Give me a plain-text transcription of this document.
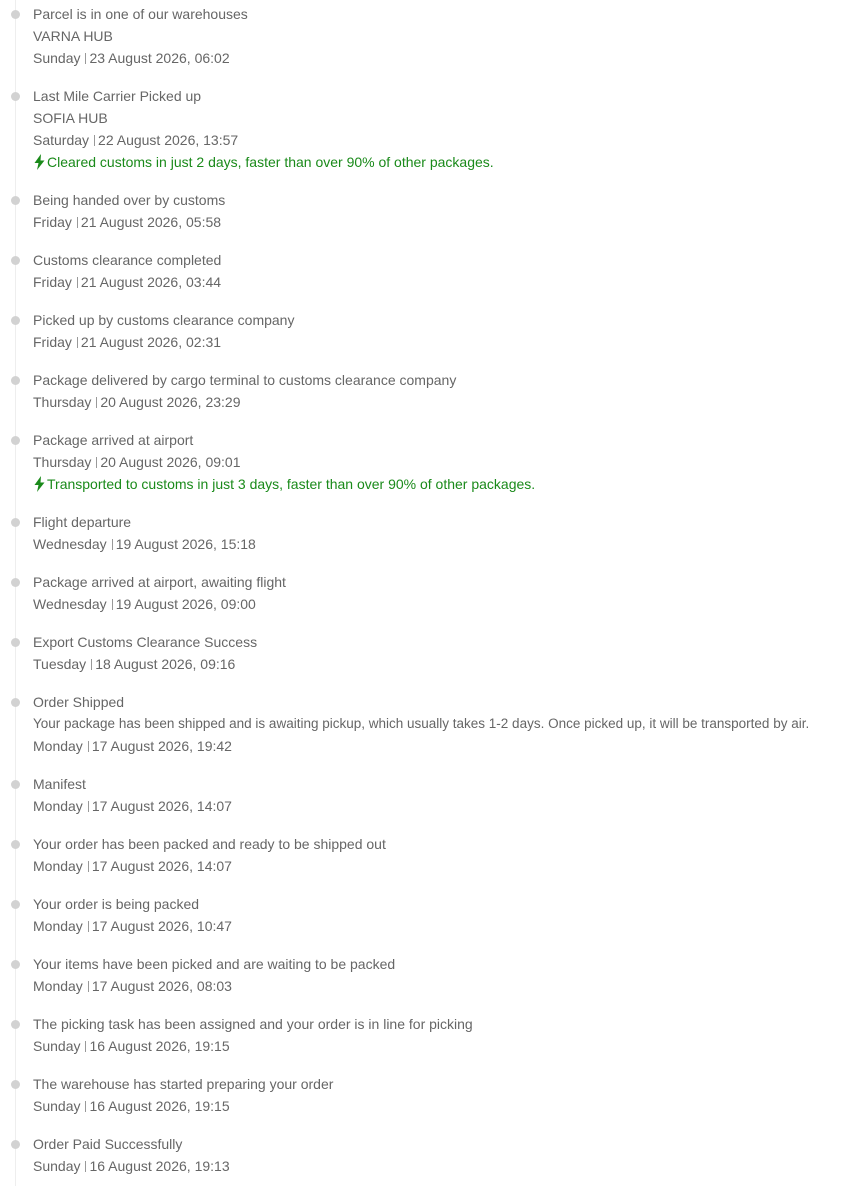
Parcel is in one of our warehouses
VARNA HUB
Sunday 23 August 2026, 06:02
Last Mile Carrier Picked up
SOFIA HUB
Saturday 22 August 2026, 13:57
Cleared customs in just 2 days, faster than over 90% of other packages.
Being handed over by customs
Friday 21 August 2026, 05:58
Customs clearance completed
Friday 21 August 2026, 03:44
Picked up by customs clearance company
Friday 21 August 2026, 02:31
Package delivered by cargo terminal to customs clearance company
Thursday 20 August 2026, 23:29
Package arrived at airport
Thursday 20 August 2026, 09:01
Transported to customs in just 3 days, faster than over 90% of other packages.
Flight departure
Wednesday 19 August 2026, 15:18
Package arrived at airport, awaiting flight
Wednesday 19 August 2026, 09:00
Export Customs Clearance Success
Tuesday 18 August 2026, 09:16
Order Shipped
Your package has been shipped and is awaiting pickup, which usually takes 1-2 days. Once picked up, it will be transported by air.
Monday 17 August 2026, 19:42
Manifest
Monday 17 August 2026, 14:07
Your order has been packed and ready to be shipped out
Monday 17 August 2026, 14:07
Your order is being packed
Monday 17 August 2026, 10:47
Your items have been picked and are waiting to be packed
Monday 17 August 2026, 08:03
The picking task has been assigned and your order is in line for picking
Sunday 16 August 2026, 19:15
The warehouse has started preparing your order
Sunday 16 August 2026, 19:15
Order Paid Successfully
Sunday 16 August 2026, 19:13
